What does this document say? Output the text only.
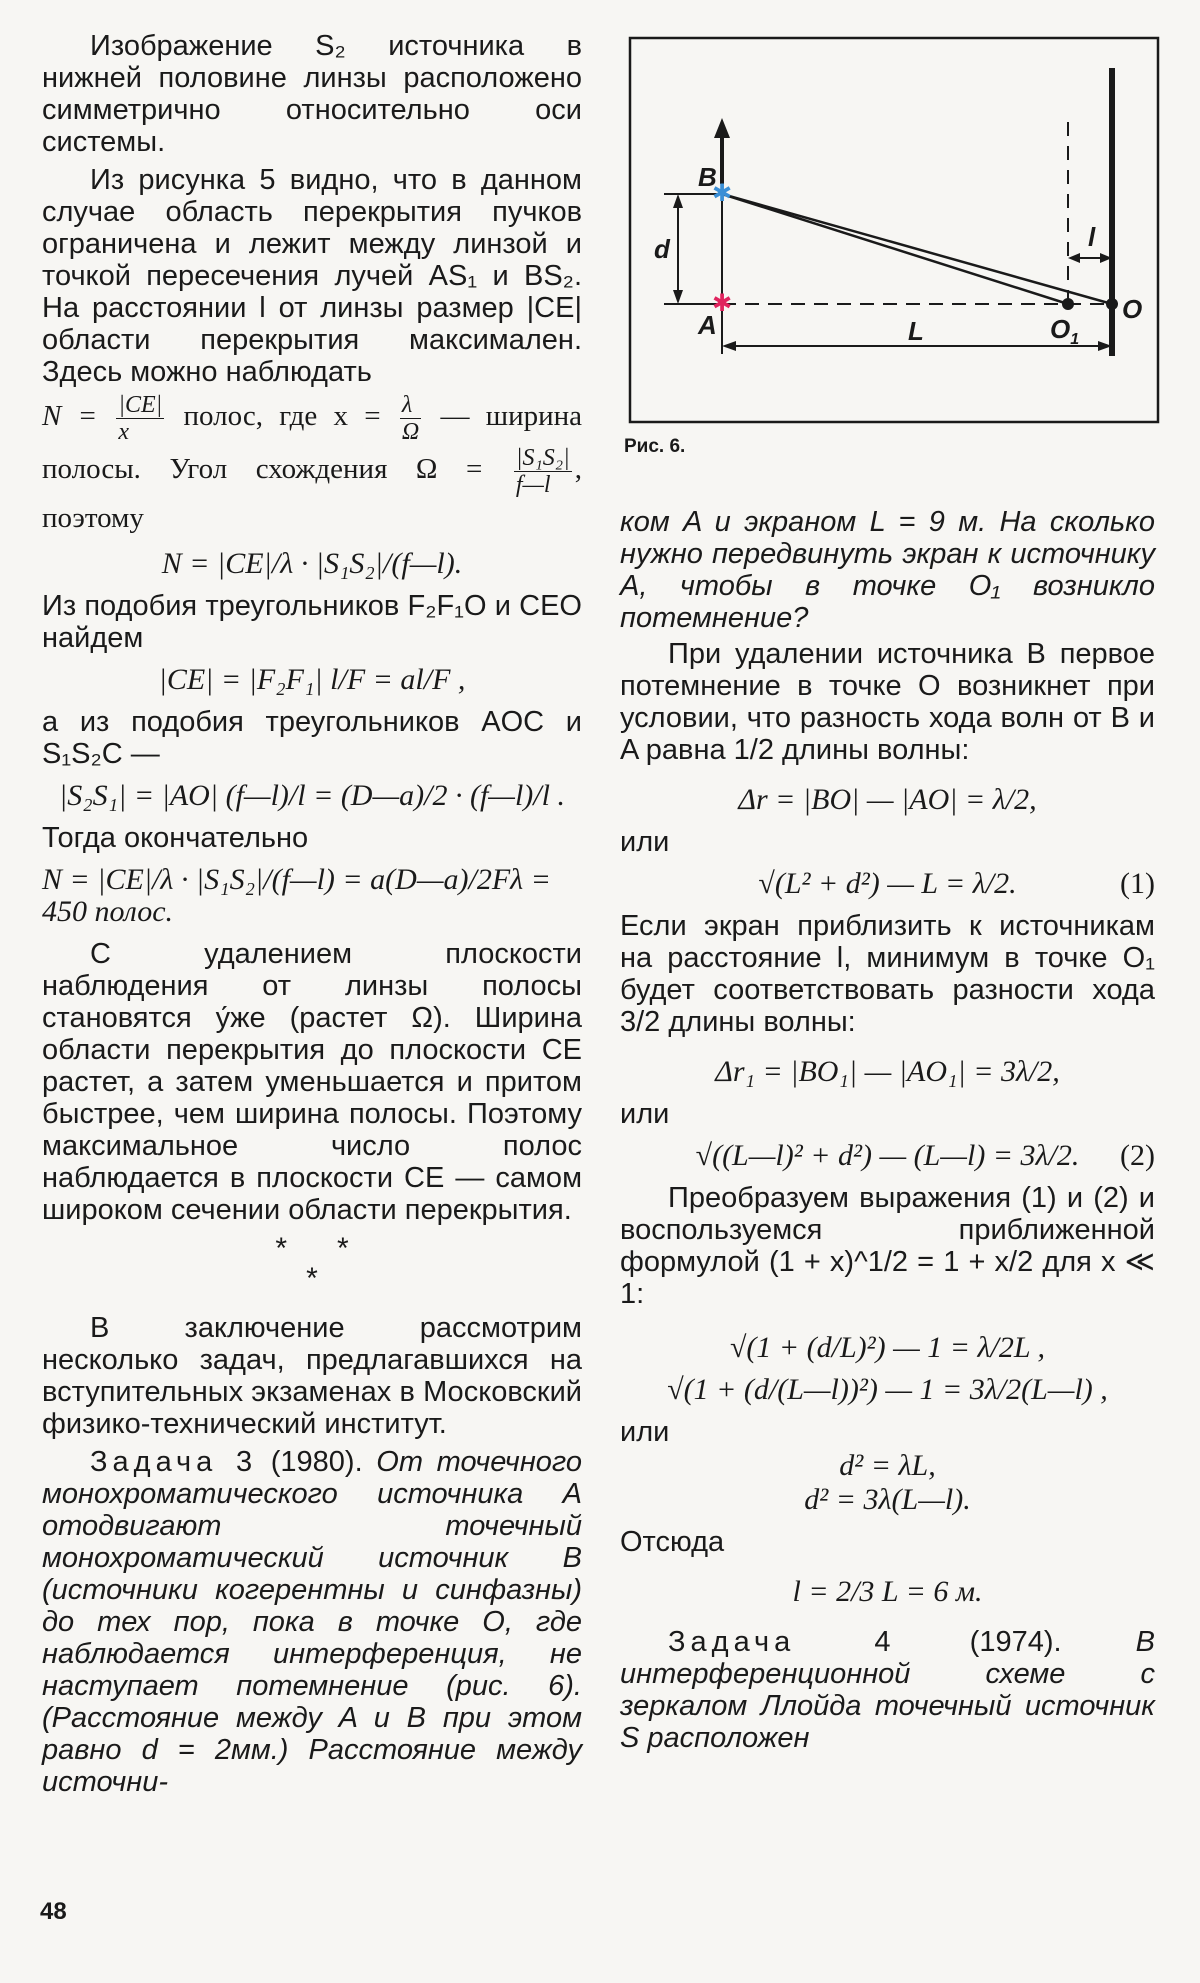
Изображение S₂ источника в нижней половине линзы расположено симметрично относительно оси системы.

Из рисунка 5 видно, что в данном случае область перекрытия пучков ограничена и лежит между линзой и точкой пересечения лучей AS₁ и BS₂. На расстоянии l от линзы размер |CE| области перекрытия максимален. Здесь можно наблюдать

$N = \frac{|CE|}{x}$ полос, где $x = \frac{\lambda}{\Omega}$ — ширина полосы. Угол схождения $\Omega = \frac{\text{|S₁S₂|}}{f—l}$ , поэтому

N = |CE|/λ · |S₁S₂|/(f—l).

Из подобия треугольников F₂F₁O и CEO найдем

|CE| = |F₂F₁| l/F = al/F ,

а из подобия треугольников AOC и S₁S₂C —

|S₂S₁| = |AO| (f—l)/l = (D—a)/2 · (f—l)/l .

Тогда окончательно

N = |CE|/λ · |S₁S₂|/(f—l) = a(D—a)/2Fλ = 450 полос.

С удалением плоскости наблюдения от линзы полосы становятся у́же (растет Ω). Ширина области перекрытия до плоскости CE растет, а затем уменьшается и притом быстрее, чем ширина полосы. Поэтому максимальное число полос наблюдается в плоскости CE — самом широком сечении области перекрытия.

*      *
*

В заключение рассмотрим несколько задач, предлагавшихся на вступительных экзаменах в Московский физико-технический институт.

Задача 3 (1980). От точечного монохроматического источника A отодвигают точечный монохроматический источник B (источники когерентны и синфазны) до тех пор, пока в точке O, где наблюдается интерференция, не наступает потемнение (рис. 6). (Расстояние между A и B при этом равно d = 2мм.) Расстояние между источни-

✱
✱
B
A
d	l
L
O
$O_1$
Рис. 6.

ком A и экраном L = 9 м. На сколько нужно передвинуть экран к источнику A, чтобы в точке O₁ возникло потемнение?

При удалении источника B первое потемнение в точке O возникнет при условии, что разность хода волн от B и A равна 1/2 длины волны:

Δr = |BO| — |AO| = λ/2,

или

√(L² + d²) — L = λ/2.	(1)

Если экран приблизить к источникам на расстояние l, минимум в точке O₁ будет соответствовать разности хода 3/2 длины волны:

Δr₁ = |BO₁| — |AO₁| = 3λ/2,

или

√((L—l)² + d²) — (L—l) = 3λ/2. (2)

Преобразуем выражения (1) и (2) и воспользуемся приближенной формулой (1 + x)^1/2 = 1 + x/2 для x ≪ 1:

√(1 + (d/L)²) — 1 = λ/2L ,
√(1 + (d/(L—l))²) — 1 = 3λ/2(L—l) ,

или

d² = λL,
d² = 3λ(L—l).

Отсюда

l = 2/3 L = 6 м.

Задача 4	(1974).	В интерференционной схеме с зеркалом Ллойда точечный источник S расположен

48
